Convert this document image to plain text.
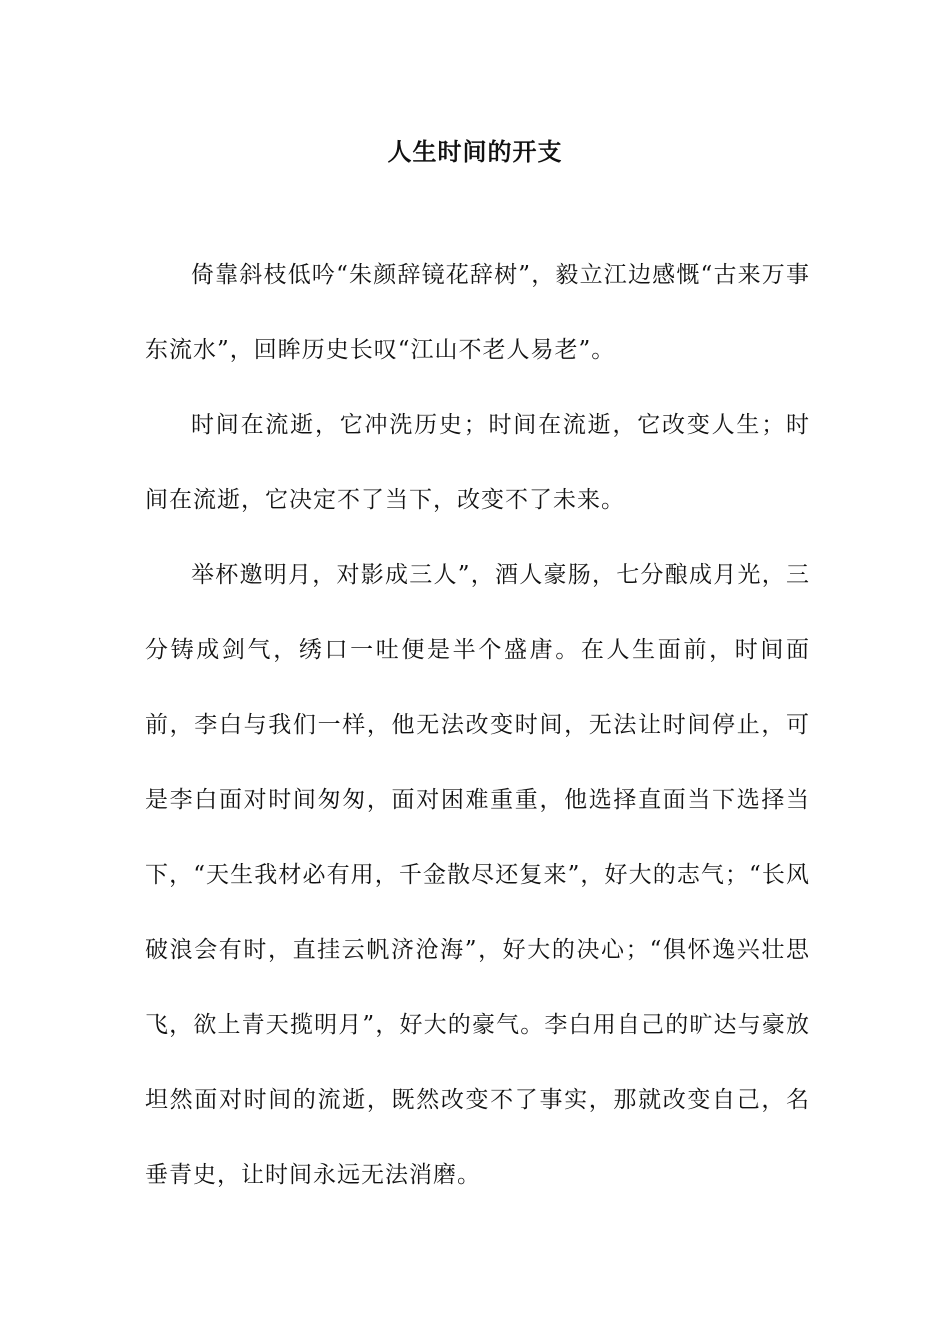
人生时间的开支

倚靠斜枝低吟“朱颜辞镜花辞树”，毅立江边感慨“古来万事东流水”，回眸历史长叹“江山不老人易老”。

时间在流逝，它冲洗历史；时间在流逝，它改变人生；时间在流逝，它决定不了当下，改变不了未来。

举杯邀明月，对影成三人”，酒人豪肠，七分酿成月光，三分铸成剑气，绣口一吐便是半个盛唐。在人生面前，时间面前，李白与我们一样，他无法改变时间，无法让时间停止，可是李白面对时间匆匆，面对困难重重，他选择直面当下选择当下，“天生我材必有用，千金散尽还复来”，好大的志气；“长风破浪会有时，直挂云帆济沧海”，好大的决心；“俱怀逸兴壮思飞，欲上青天揽明月”，好大的豪气。李白用自己的旷达与豪放坦然面对时间的流逝，既然改变不了事实，那就改变自己，名垂青史，让时间永远无法消磨。
